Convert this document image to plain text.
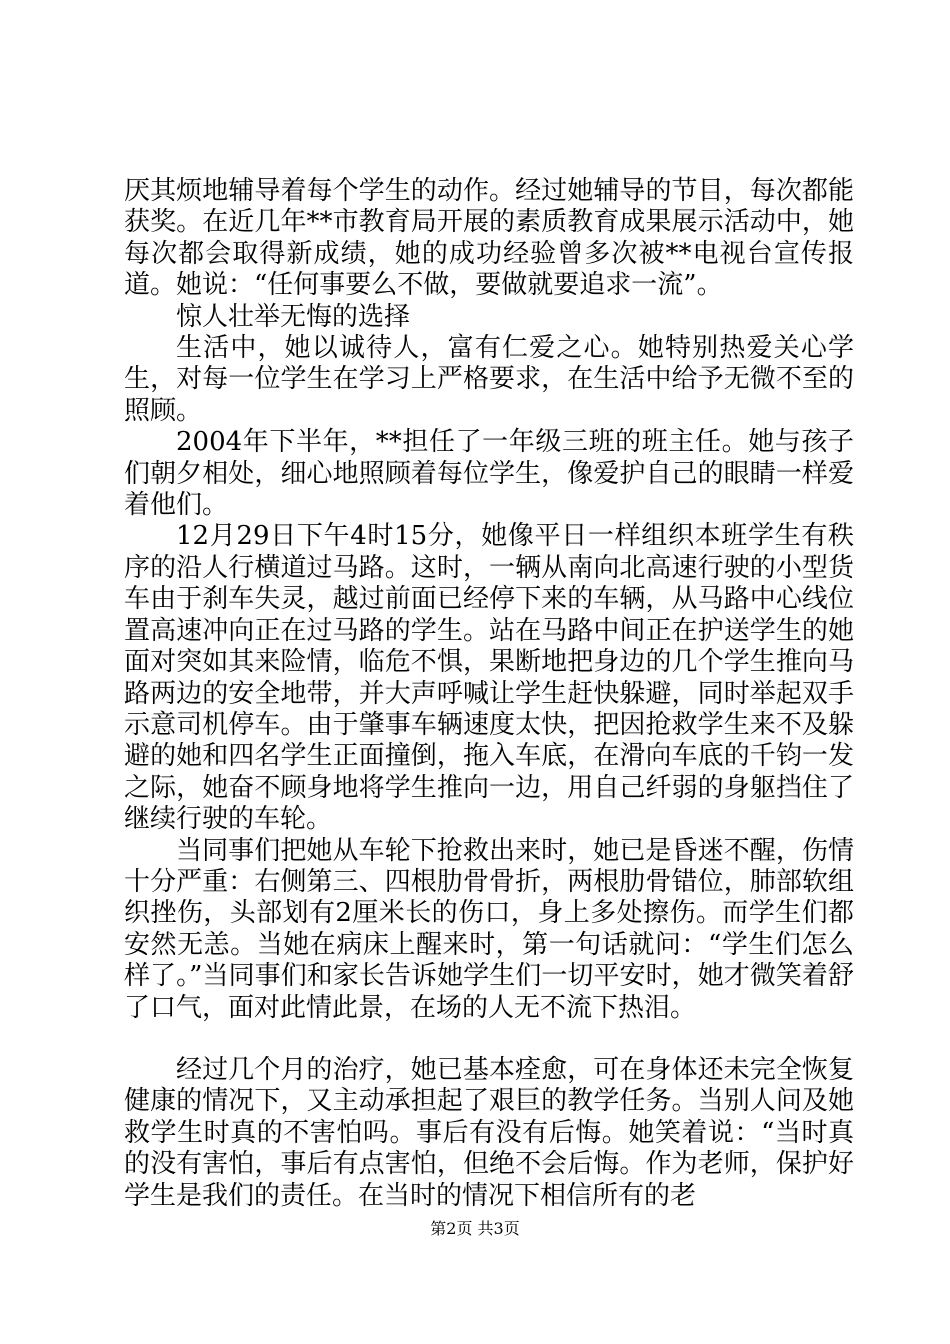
厌其烦地辅导着每个学生的动作。经过她辅导的节目，每次都能获奖。在近几年**市教育局开展的素质教育成果展示活动中，她每次都会取得新成绩，她的成功经验曾多次被**电视台宣传报道。她说：“任何事要么不做，要做就要追求一流”。

惊人壮举无悔的选择

生活中，她以诚待人，富有仁爱之心。她特别热爱关心学生，对每一位学生在学习上严格要求，在生活中给予无微不至的照顾。

2004年下半年，**担任了一年级三班的班主任。她与孩子们朝夕相处，细心地照顾着每位学生，像爱护自己的眼睛一样爱着他们。

12月29日下午4时15分，她像平日一样组织本班学生有秩序的沿人行横道过马路。这时，一辆从南向北高速行驶的小型货车由于刹车失灵，越过前面已经停下来的车辆，从马路中心线位置高速冲向正在过马路的学生。站在马路中间正在护送学生的她面对突如其来险情，临危不惧，果断地把身边的几个学生推向马路两边的安全地带，并大声呼喊让学生赶快躲避，同时举起双手示意司机停车。由于肇事车辆速度太快，把因抢救学生来不及躲避的她和四名学生正面撞倒，拖入车底，在滑向车底的千钧一发之际，她奋不顾身地将学生推向一边，用自己纤弱的身躯挡住了继续行驶的车轮。

当同事们把她从车轮下抢救出来时，她已是昏迷不醒，伤情十分严重：右侧第三、四根肋骨骨折，两根肋骨错位，肺部软组织挫伤，头部划有2厘米长的伤口，身上多处擦伤。而学生们都安然无恙。当她在病床上醒来时，第一句话就问：“学生们怎么样了。”当同事们和家长告诉她学生们一切平安时，她才微笑着舒了口气，面对此情此景，在场的人无不流下热泪。

经过几个月的治疗，她已基本痊愈，可在身体还未完全恢复健康的情况下，又主动承担起了艰巨的教学任务。当别人问及她救学生时真的不害怕吗。事后有没有后悔。她笑着说：“当时真的没有害怕，事后有点害怕，但绝不会后悔。作为老师，保护好学生是我们的责任。在当时的情况下相信所有的老

第2页 共3页
